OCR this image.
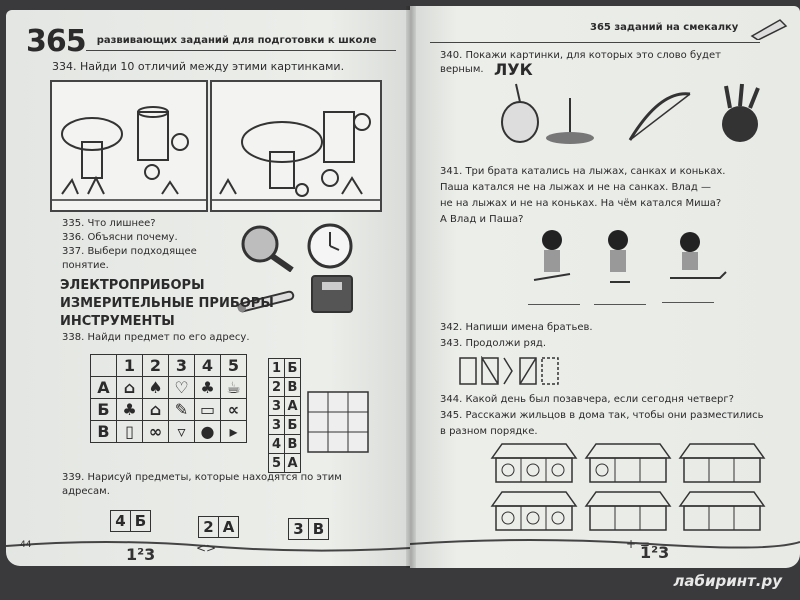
365 $^{развивающих заданий для подготовки к школе}$
334. Найди 10 отличий между этими картинками.
335. Что лишнее?
336. Объясни почему.
337. Выбери подходящее
понятие.
ЭЛЕКТРОПРИБОРЫ
ИЗМЕРИТЕЛЬНЫЕ ПРИБОРЫ
ИНСТРУМЕНТЫ
338. Найди предмет по его адресу.
	1	2	3	4	5
А	⌂	♠	♡	♣	☕
Б	♣	⌂	✎	▭	∝
В	▯	∞	▿	●	▸
1	Б
2	В
3	А
3	Б
4	В
5	А
339. Нарисуй предметы, которые находятся по этим
адресам.
4 Б	2 А	3 В
1²3	<>
44
365 заданий на смекалку
340. Покажи картинки, для которых это слово будет
верным. ЛУК
341. Три брата катались на лыжах, санках и коньках.
Паша катался не на лыжах и не на санках. Влад —
не на лыжах и не на коньках. На чём катался Миша?
А Влад и Паша?
342. Напиши имена братьев.
343. Продолжи ряд.
344. Какой день был позавчера, если сегодня четверг?
345. Расскажи жильцов в дома так, чтобы они разместились
в разном порядке.
1²3
+ =
лабиринт.ру
